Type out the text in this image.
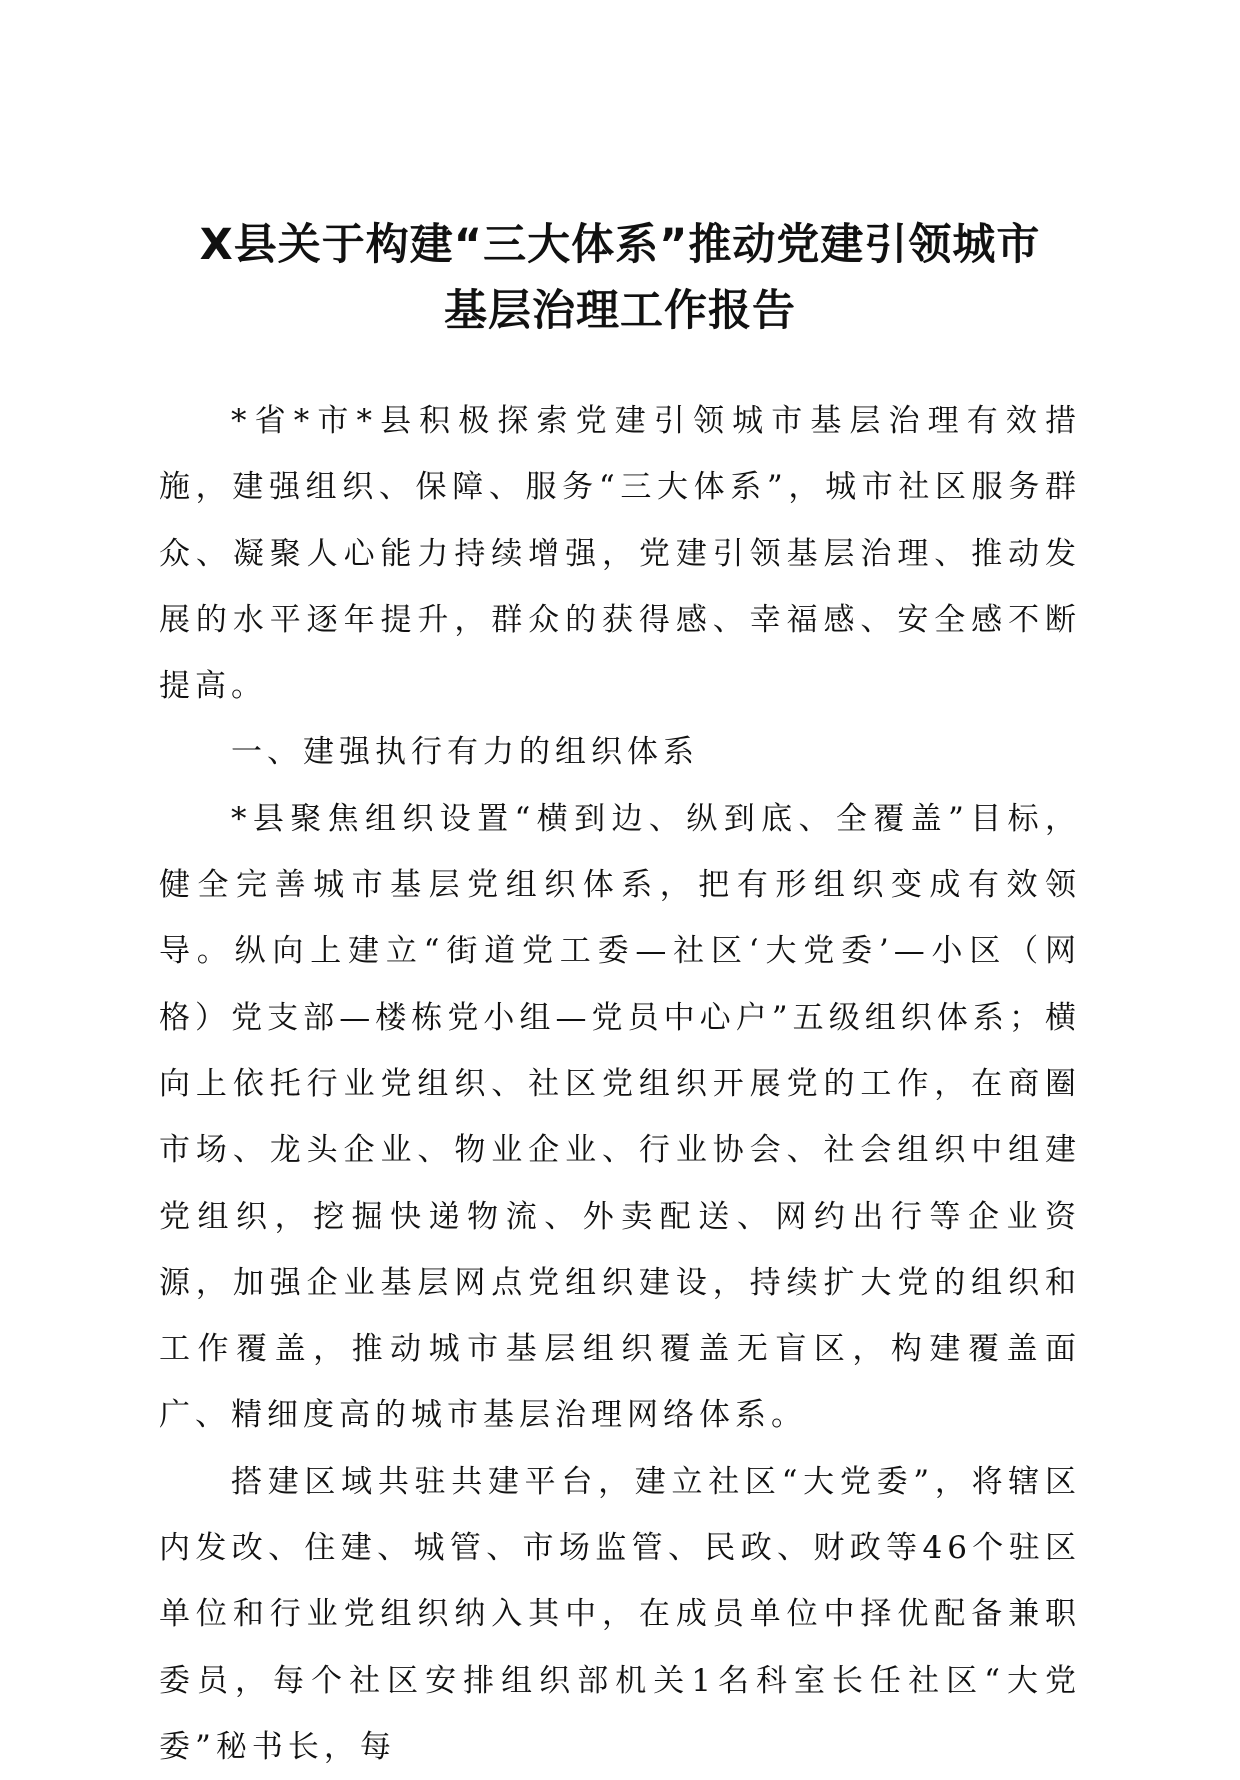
X县关于构建“三大体系”推动党建引领城市
基层治理工作报告

*省*市*县积极探索党建引领城市基层治理有效措施，建强组织、保障、服务“三大体系”，城市社区服务群众、凝聚人心能力持续增强，党建引领基层治理、推动发展的水平逐年提升，群众的获得感、幸福感、安全感不断提高。

一、建强执行有力的组织体系

*县聚焦组织设置“横到边、纵到底、全覆盖”目标，健全完善城市基层党组织体系，把有形组织变成有效领导。纵向上建立“街道党工委—社区‘大党委’—小区（网格）党支部—楼栋党小组—党员中心户”五级组织体系；横向上依托行业党组织、社区党组织开展党的工作，在商圈市场、龙头企业、物业企业、行业协会、社会组织中组建党组织，挖掘快递物流、外卖配送、网约出行等企业资源，加强企业基层网点党组织建设，持续扩大党的组织和工作覆盖，推动城市基层组织覆盖无盲区，构建覆盖面广、精细度高的城市基层治理网络体系。

搭建区域共驻共建平台，建立社区“大党委”，将辖区内发改、住建、城管、市场监管、民政、财政等46个驻区单位和行业党组织纳入其中，在成员单位中择优配备兼职委员，每个社区安排组织部机关1名科室长任社区“大党委”秘书长，每
